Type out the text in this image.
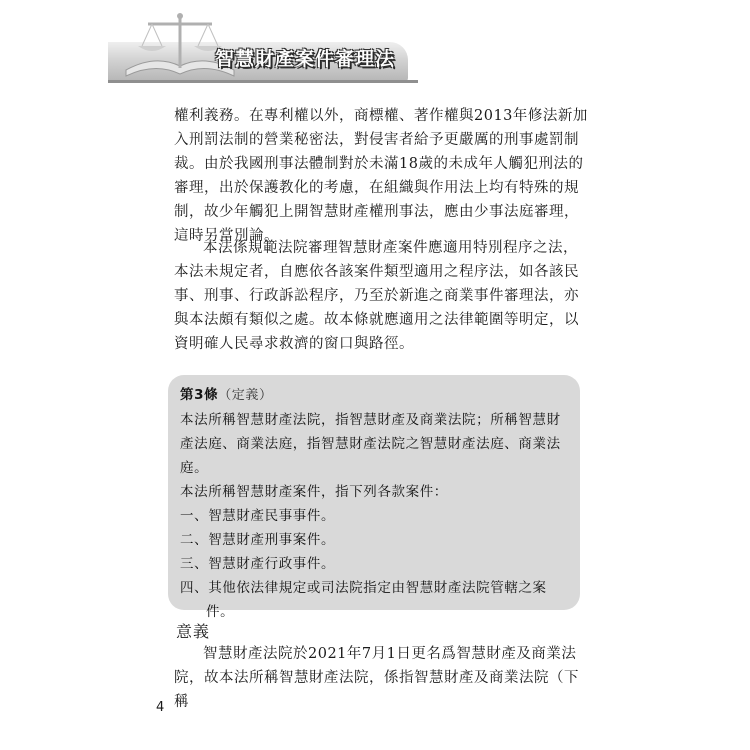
智慧財產案件審理法

權利義務。在專利權以外，商標權、著作權與2013年修法新加入刑罰法制的營業秘密法，對侵害者給予更嚴厲的刑事處罰制裁。由於我國刑事法體制對於未滿18歲的未成年人觸犯刑法的審理，出於保護教化的考慮，在組織與作用法上均有特殊的規制，故少年觸犯上開智慧財產權刑事法，應由少事法庭審理，這時另當別論。

本法係規範法院審理智慧財產案件應適用特別程序之法，本法未規定者，自應依各該案件類型適用之程序法，如各該民事、刑事、行政訴訟程序，乃至於新進之商業事件審理法，亦與本法頗有類似之處。故本條就應適用之法律範圍等明定，以資明確人民尋求救濟的窗口與路徑。

第3條（定義）

本法所稱智慧財產法院，指智慧財產及商業法院；所稱智慧財產法庭、商業法庭，指智慧財產法院之智慧財產法庭、商業法庭。

本法所稱智慧財產案件，指下列各款案件：

一、智慧財產民事事件。

二、智慧財產刑事案件。

三、智慧財產行政事件。

四、其他依法律規定或司法院指定由智慧財產法院管轄之案件。

意義

智慧財產法院於2021年7月1日更名爲智慧財產及商業法院，故本法所稱智慧財產法院，係指智慧財產及商業法院（下稱

4
